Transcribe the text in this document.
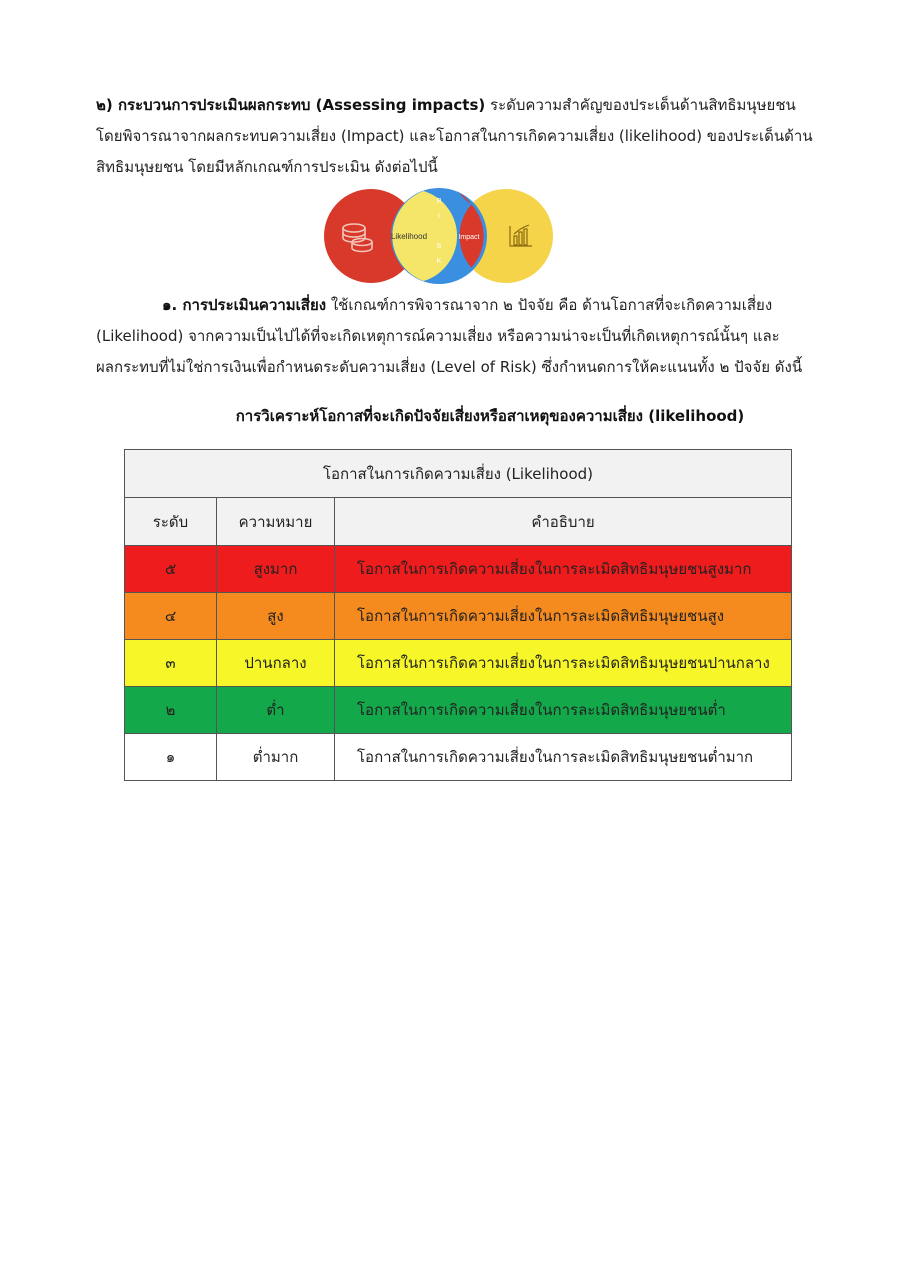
๒) กระบวนการประเมินผลกระทบ (Assessing impacts) ระดับความสำคัญของประเด็นด้านสิทธิมนุษยชน
โดยพิจารณาจากผลกระทบความเสี่ยง (Impact) และโอกาสในการเกิดความเสี่ยง (likelihood) ของประเด็นด้าน
สิทธิมนุษยชน โดยมีหลักเกณฑ์การประเมิน ดังต่อไปนี้
Likelihood
R
I
S
K
Impact
๑. การประเมินความเสี่ยง ใช้เกณฑ์การพิจารณาจาก ๒ ปัจจัย คือ ด้านโอกาสที่จะเกิดความเสี่ยง
(Likelihood) จากความเป็นไปได้ที่จะเกิดเหตุการณ์ความเสี่ยง หรือความน่าจะเป็นที่เกิดเหตุการณ์นั้นๆ และ
ผลกระทบที่ไม่ใช่การเงินเพื่อกำหนดระดับความเสี่ยง (Level of Risk) ซึ่งกำหนดการให้คะแนนทั้ง ๒ ปัจจัย ดังนี้
การวิเคราะห์โอกาสที่จะเกิดปัจจัยเสี่ยงหรือสาเหตุของความเสี่ยง (likelihood)
โอกาสในการเกิดความเสี่ยง (Likelihood)		
ระดับ	ความหมาย	คำอธิบาย
๕	สูงมาก	โอกาสในการเกิดความเสี่ยงในการละเมิดสิทธิมนุษยชนสูงมาก
๔	สูง	โอกาสในการเกิดความเสี่ยงในการละเมิดสิทธิมนุษยชนสูง
๓	ปานกลาง	โอกาสในการเกิดความเสี่ยงในการละเมิดสิทธิมนุษยชนปานกลาง
๒	ต่ำ	โอกาสในการเกิดความเสี่ยงในการละเมิดสิทธิมนุษยชนต่ำ
๑	ต่ำมาก	โอกาสในการเกิดความเสี่ยงในการละเมิดสิทธิมนุษยชนต่ำมาก
